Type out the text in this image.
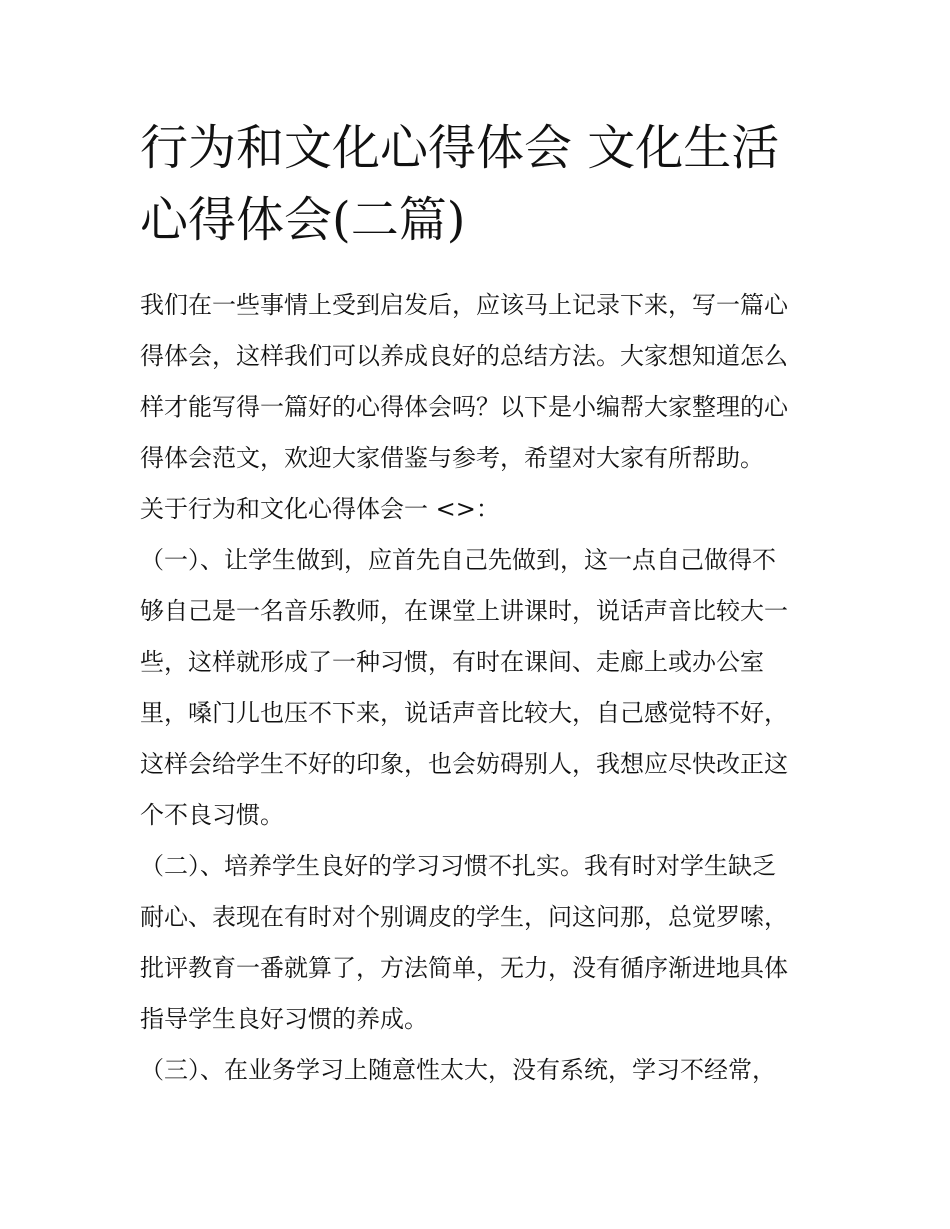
行为和文化心得体会 文化生活
心得体会(二篇)

我们在一些事情上受到启发后，应该马上记录下来，写一篇心
得体会，这样我们可以养成良好的总结方法。大家想知道怎么
样才能写得一篇好的心得体会吗？以下是小编帮大家整理的心
得体会范文，欢迎大家借鉴与参考，希望对大家有所帮助。

关于行为和文化心得体会一 <>：

（一）、让学生做到，应首先自己先做到，这一点自己做得不
够自己是一名音乐教师，在课堂上讲课时，说话声音比较大一
些，这样就形成了一种习惯，有时在课间、走廊上或办公室
里，嗓门儿也压不下来，说话声音比较大，自己感觉特不好，
这样会给学生不好的印象，也会妨碍别人，我想应尽快改正这
个不良习惯。

（二）、培养学生良好的学习习惯不扎实。我有时对学生缺乏
耐心、表现在有时对个别调皮的学生，问这问那，总觉罗嗦，
批评教育一番就算了，方法简单，无力，没有循序渐进地具体
指导学生良好习惯的养成。

（三）、在业务学习上随意性太大，没有系统，学习不经常，
